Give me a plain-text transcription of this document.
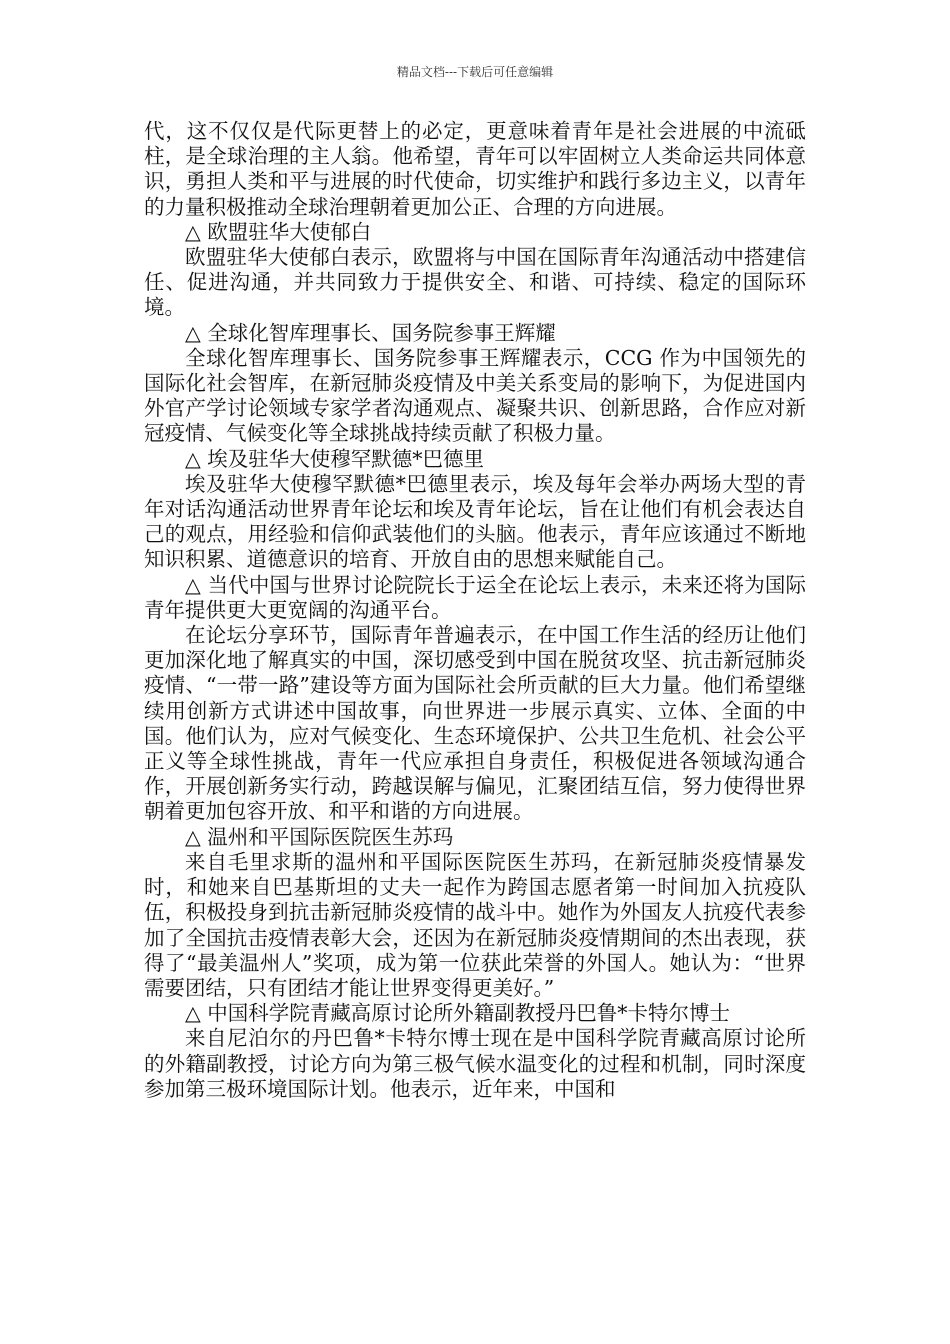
精品文档---下载后可任意编辑

代，这不仅仅是代际更替上的必定，更意味着青年是社会进展的中流砥柱，是全球治理的主人翁。他希望，青年可以牢固树立人类命运共同体意识，勇担人类和平与进展的时代使命，切实维护和践行多边主义，以青年的力量积极推动全球治理朝着更加公正、合理的方向进展。

△ 欧盟驻华大使郁白

欧盟驻华大使郁白表示，欧盟将与中国在国际青年沟通活动中搭建信任、促进沟通，并共同致力于提供安全、和谐、可持续、稳定的国际环境。

△ 全球化智库理事长、国务院参事王辉耀

全球化智库理事长、国务院参事王辉耀表示，CCG 作为中国领先的国际化社会智库，在新冠肺炎疫情及中美关系变局的影响下，为促进国内外官产学讨论领域专家学者沟通观点、凝聚共识、创新思路，合作应对新冠疫情、气候变化等全球挑战持续贡献了积极力量。

△ 埃及驻华大使穆罕默德*巴德里

埃及驻华大使穆罕默德*巴德里表示，埃及每年会举办两场大型的青年对话沟通活动世界青年论坛和埃及青年论坛，旨在让他们有机会表达自己的观点，用经验和信仰武装他们的头脑。他表示，青年应该通过不断地知识积累、道德意识的培育、开放自由的思想来赋能自己。

△ 当代中国与世界讨论院院长于运全在论坛上表示，未来还将为国际青年提供更大更宽阔的沟通平台。

在论坛分享环节，国际青年普遍表示，在中国工作生活的经历让他们更加深化地了解真实的中国，深切感受到中国在脱贫攻坚、抗击新冠肺炎疫情、“一带一路”建设等方面为国际社会所贡献的巨大力量。他们希望继续用创新方式讲述中国故事，向世界进一步展示真实、立体、全面的中国。他们认为，应对气候变化、生态环境保护、公共卫生危机、社会公平正义等全球性挑战，青年一代应承担自身责任，积极促进各领域沟通合作，开展创新务实行动，跨越误解与偏见，汇聚团结互信，努力使得世界朝着更加包容开放、和平和谐的方向进展。

△ 温州和平国际医院医生苏玛

来自毛里求斯的温州和平国际医院医生苏玛，在新冠肺炎疫情暴发时，和她来自巴基斯坦的丈夫一起作为跨国志愿者第一时间加入抗疫队伍，积极投身到抗击新冠肺炎疫情的战斗中。她作为外国友人抗疫代表参加了全国抗击疫情表彰大会，还因为在新冠肺炎疫情期间的杰出表现，获得了“最美温州人”奖项，成为第一位获此荣誉的外国人。她认为：“世界需要团结，只有团结才能让世界变得更美好。”

△ 中国科学院青藏高原讨论所外籍副教授丹巴鲁*卡特尔博士

来自尼泊尔的丹巴鲁*卡特尔博士现在是中国科学院青藏高原讨论所的外籍副教授，讨论方向为第三极气候水温变化的过程和机制，同时深度参加第三极环境国际计划。他表示，近年来，中国和
